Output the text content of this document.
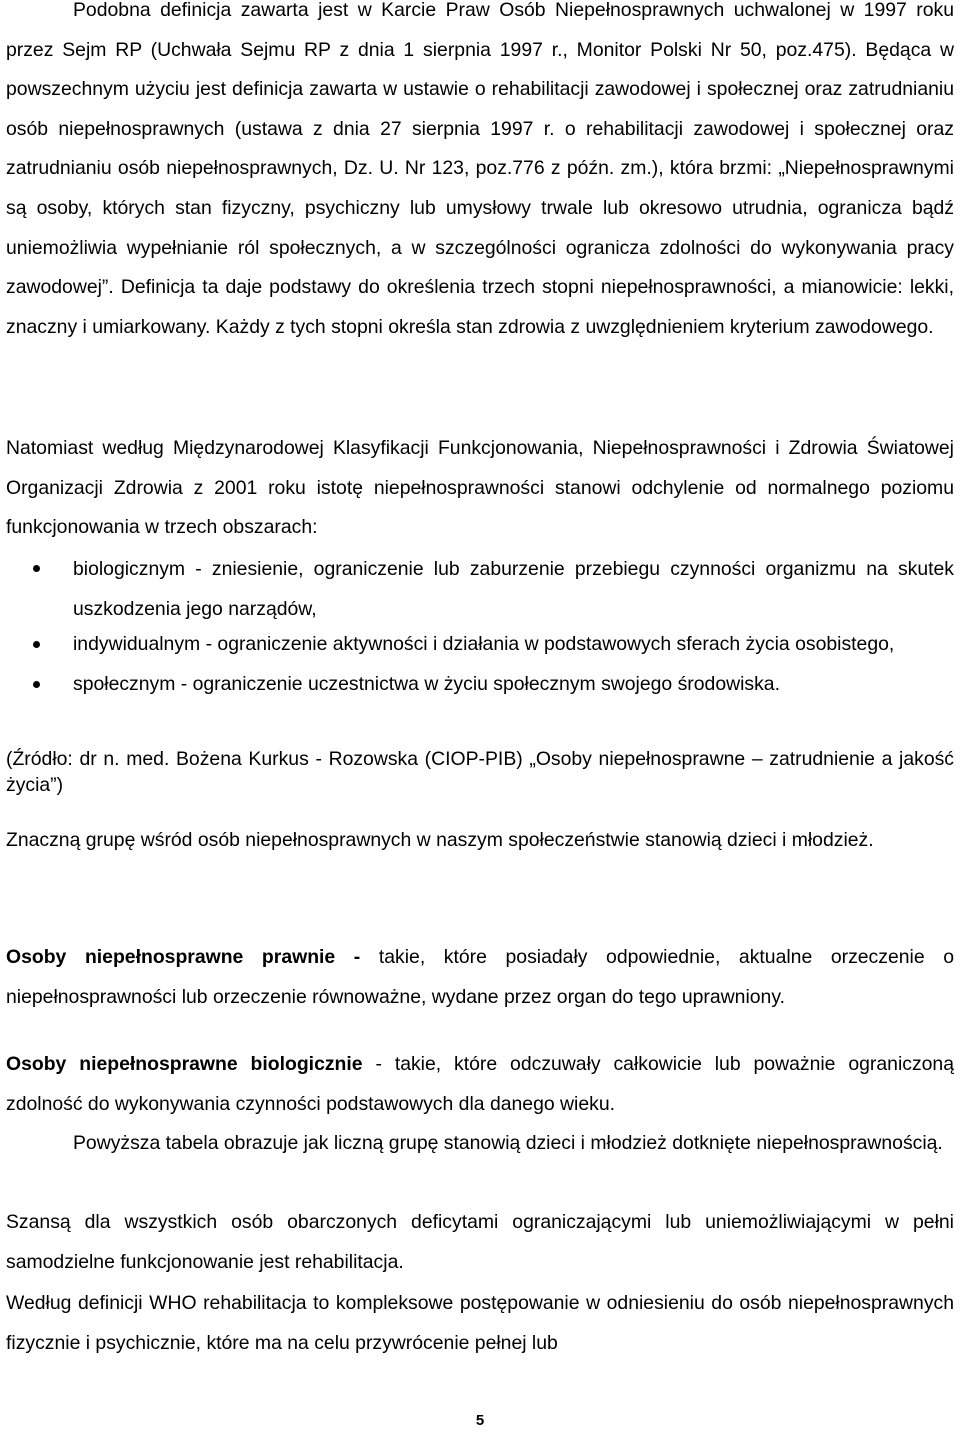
Podobna definicja zawarta jest w Karcie Praw Osób Niepełnosprawnych uchwalonej w 1997 roku przez Sejm RP (Uchwała Sejmu RP z dnia 1 sierpnia 1997 r., Monitor Polski Nr 50, poz.475). Będąca w powszechnym użyciu jest definicja zawarta w ustawie o rehabilitacji zawodowej i społecznej oraz zatrudnianiu osób niepełnosprawnych (ustawa z dnia 27 sierpnia 1997 r. o rehabilitacji zawodowej i społecznej oraz zatrudnianiu osób niepełnosprawnych, Dz. U. Nr 123, poz.776 z późn. zm.), która brzmi: „Niepełnosprawnymi są osoby, których stan fizyczny, psychiczny lub umysłowy trwale lub okresowo utrudnia, ogranicza bądź uniemożliwia wypełnianie ról społecznych, a w szczególności ogranicza zdolności do wykonywania pracy zawodowej”. Definicja ta daje podstawy do określenia trzech stopni niepełnosprawności, a mianowicie: lekki, znaczny i umiarkowany. Każdy z tych stopni określa stan zdrowia z uwzględnieniem kryterium zawodowego.

Natomiast według Międzynarodowej Klasyfikacji Funkcjonowania, Niepełnosprawności i Zdrowia Światowej Organizacji Zdrowia z 2001 roku istotę niepełnosprawności stanowi odchylenie od normalnego poziomu funkcjonowania w trzech obszarach:

biologicznym - zniesienie, ograniczenie lub zaburzenie przebiegu czynności organizmu na skutek uszkodzenia jego narządów,
indywidualnym - ograniczenie aktywności i działania w podstawowych sferach życia osobistego,
społecznym - ograniczenie uczestnictwa w życiu społecznym swojego środowiska.

(Źródło: dr n. med. Bożena Kurkus - Rozowska (CIOP-PIB) „Osoby niepełnosprawne – zatrudnienie a jakość życia”)

Znaczną grupę wśród osób niepełnosprawnych w naszym społeczeństwie stanowią dzieci i młodzież.

Osoby niepełnosprawne prawnie - takie, które posiadały odpowiednie, aktualne orzeczenie o niepełnosprawności lub orzeczenie równoważne, wydane przez organ do tego uprawniony.

Osoby niepełnosprawne biologicznie - takie, które odczuwały całkowicie lub poważnie ograniczoną zdolność do wykonywania czynności podstawowych dla danego wieku.

Powyższa tabela obrazuje jak liczną grupę stanowią dzieci i młodzież dotknięte niepełnosprawnością.

Szansą dla wszystkich osób obarczonych deficytami ograniczającymi lub uniemożliwiającymi w pełni samodzielne funkcjonowanie jest rehabilitacja.

Według definicji WHO rehabilitacja to kompleksowe postępowanie w odniesieniu do osób niepełnosprawnych fizycznie i psychicznie, które ma na celu przywrócenie pełnej lub

5
